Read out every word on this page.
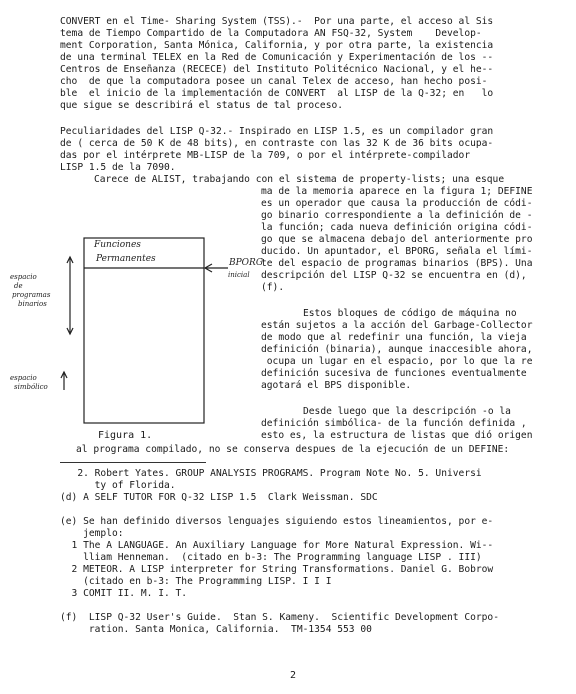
CONVERT en el Time- Sharing System (TSS).-  Por una parte, el acceso al Sis
tema de Tiempo Compartido de la Computadora AN FSQ-32, System    Develop-
ment Corporation, Santa Mónica, California, y por otra parte, la existencia
de una terminal TELEX en la Red de Comunicación y Experimentación de los --
Centros de Enseñanza (RECECE) del Instituto Politécnico Nacional, y el he--
cho  de que la computadora posee un canal Telex de acceso, han hecho posi-
ble  el inicio de la implementación de CONVERT  al LISP de la Q-32; en   lo
que sigue se describirá el status de tal proceso.
Peculiaridades del LISP Q-32.- Inspirado en LISP 1.5, es un compilador gran
de ( cerca de 50 K de 48 bits), en contraste con las 32 K de 36 bits ocupa-
das por el intérprete MB-LISP de la 709, o por el intérprete-compilador
LISP 1.5 de la 7090.
Carece de ALIST, trabajando con el sistema de property-lists; una esque
ma de la memoria aparece en la figura 1; DEFINE
es un operador que causa la producción de códi-
go binario correspondiente a la definición de -
la función; cada nueva definición origina códi-
go que se almacena debajo del anteriormente pro
ducido. Un apuntador, el BPORG, señala el lími-
te del espacio de programas binarios (BPS). Una
descripción del LISP Q-32 se encuentra en (d),
(f).
Estos bloques de código de máquina no
están sujetos a la acción del Garbage-Collector
de modo que al redefinir una función, la vieja
definición (binaria), aunque inaccesible ahora,
ocupa un lugar en el espacio, por lo que la re
definición sucesiva de funciones eventualmente
agotará el BPS disponible.
Desde luego que la descripción -o la
definición simbólica- de la función definida ,
esto es, la estructura de listas que dió origen
al programa compilado, no se conserva despues de la ejecución de un DEFINE:
Funciones
Permanentes	BPORG
inicial
espacio
de
programas
binarios
espacio
simbólico
Figura 1.
2. Robert Yates. GROUP ANALYSIS PROGRAMS. Program Note No. 5. Universi
ty of Florida.
(d) A SELF TUTOR FOR Q-32 LISP 1.5  Clark Weissman. SDC
(e) Se han definido diversos lenguajes siguiendo estos lineamientos, por e-
jemplo:
1 The A LANGUAGE. An Auxiliary Language for More Natural Expression. Wi--
lliam Henneman.  (citado en b-3: The Programming language LISP . III)
2 METEOR. A LISP interpreter for String Transformations. Daniel G. Bobrow
(citado en b-3: The Programming LISP. I I I
3 COMIT II. M. I. T.
(f)  LISP Q-32 User's Guide.  Stan S. Kameny.  Scientific Development Corpo-
ration. Santa Monica, California.  TM-1354 553 00
2
